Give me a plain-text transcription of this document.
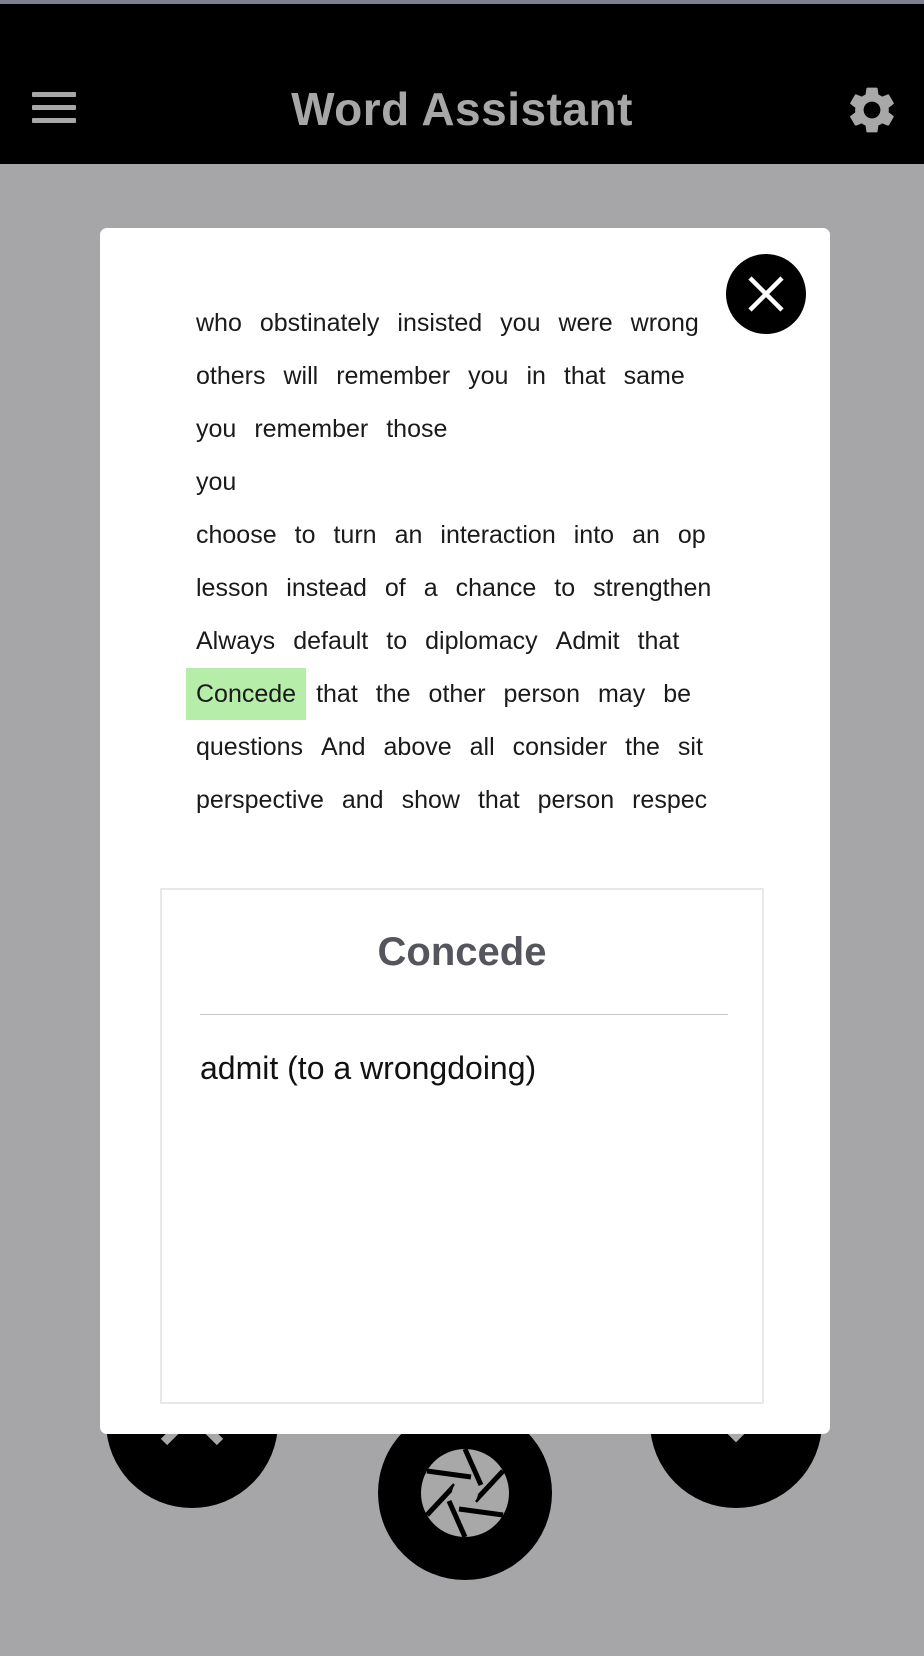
Word Assistant
who obstinately insisted you were wrong
others will remember you in that same
you remember those
you
choose to turn an interaction into an op
lesson instead of a chance to strengthen
Always default to diplomacy Admit that
Concede that the other person may be
questions And above all consider the sit
perspective and show that person respec
Concede
admit (to a wrongdoing)
